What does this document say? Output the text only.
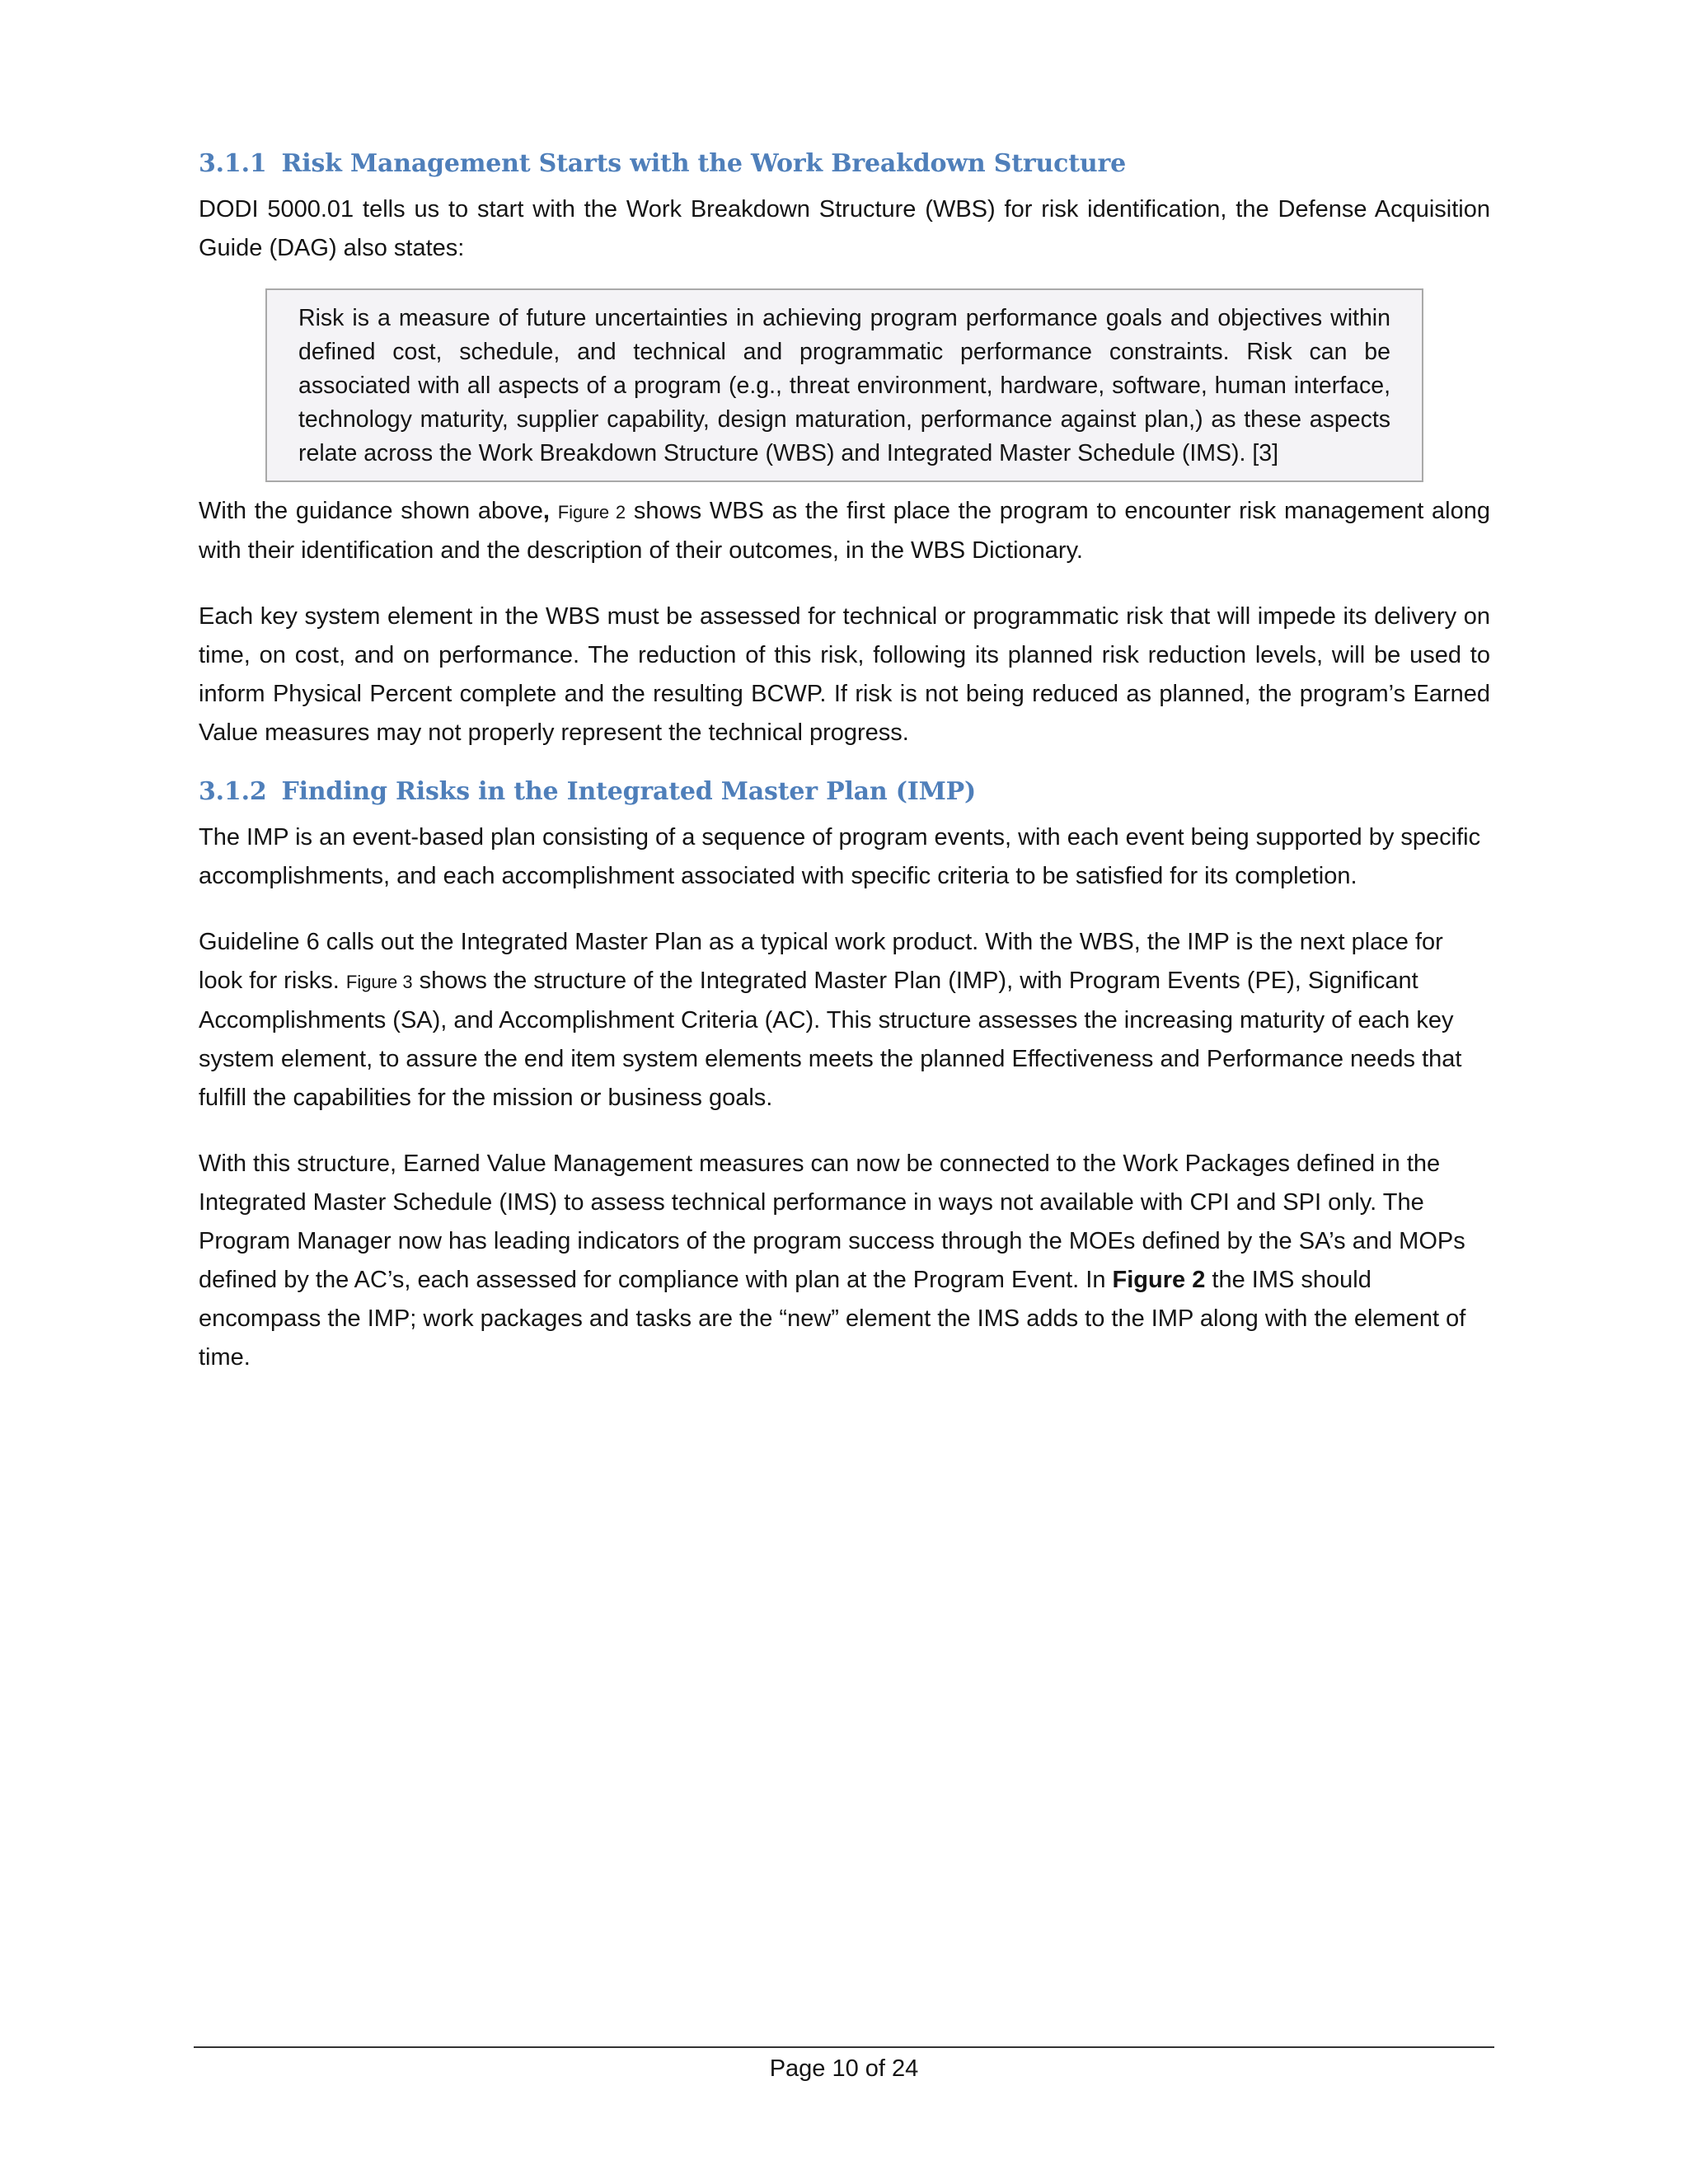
3.1.1 Risk Management Starts with the Work Breakdown Structure

DODI 5000.01 tells us to start with the Work Breakdown Structure (WBS) for risk identification, the Defense Acquisition Guide (DAG) also states:

Risk is a measure of future uncertainties in achieving program performance goals and objectives within defined cost, schedule, and technical and programmatic performance constraints. Risk can be associated with all aspects of a program (e.g., threat environment, hardware, software, human interface, technology maturity, supplier capability, design maturation, performance against plan,) as these aspects relate across the Work Breakdown Structure (WBS) and Integrated Master Schedule (IMS). [3]

With the guidance shown above, Figure 2 shows WBS as the first place the program to encounter risk management along with their identification and the description of their outcomes, in the WBS Dictionary.

Each key system element in the WBS must be assessed for technical or programmatic risk that will impede its delivery on time, on cost, and on performance. The reduction of this risk, following its planned risk reduction levels, will be used to inform Physical Percent complete and the resulting BCWP. If risk is not being reduced as planned, the program’s Earned Value measures may not properly represent the technical progress.

3.1.2 Finding Risks in the Integrated Master Plan (IMP)

The IMP is an event-based plan consisting of a sequence of program events, with each event being supported by specific accomplishments, and each accomplishment associated with specific criteria to be satisfied for its completion.

Guideline 6 calls out the Integrated Master Plan as a typical work product. With the WBS, the IMP is the next place for look for risks. Figure 3 shows the structure of the Integrated Master Plan (IMP), with Program Events (PE), Significant Accomplishments (SA), and Accomplishment Criteria (AC). This structure assesses the increasing maturity of each key system element, to assure the end item system elements meets the planned Effectiveness and Performance needs that fulfill the capabilities for the mission or business goals.

With this structure, Earned Value Management measures can now be connected to the Work Packages defined in the Integrated Master Schedule (IMS) to assess technical performance in ways not available with CPI and SPI only. The Program Manager now has leading indicators of the program success through the MOEs defined by the SA’s and MOPs defined by the AC’s, each assessed for compliance with plan at the Program Event. In Figure 2 the IMS should encompass the IMP; work packages and tasks are the “new” element the IMS adds to the IMP along with the element of time.

Page 10 of 24
